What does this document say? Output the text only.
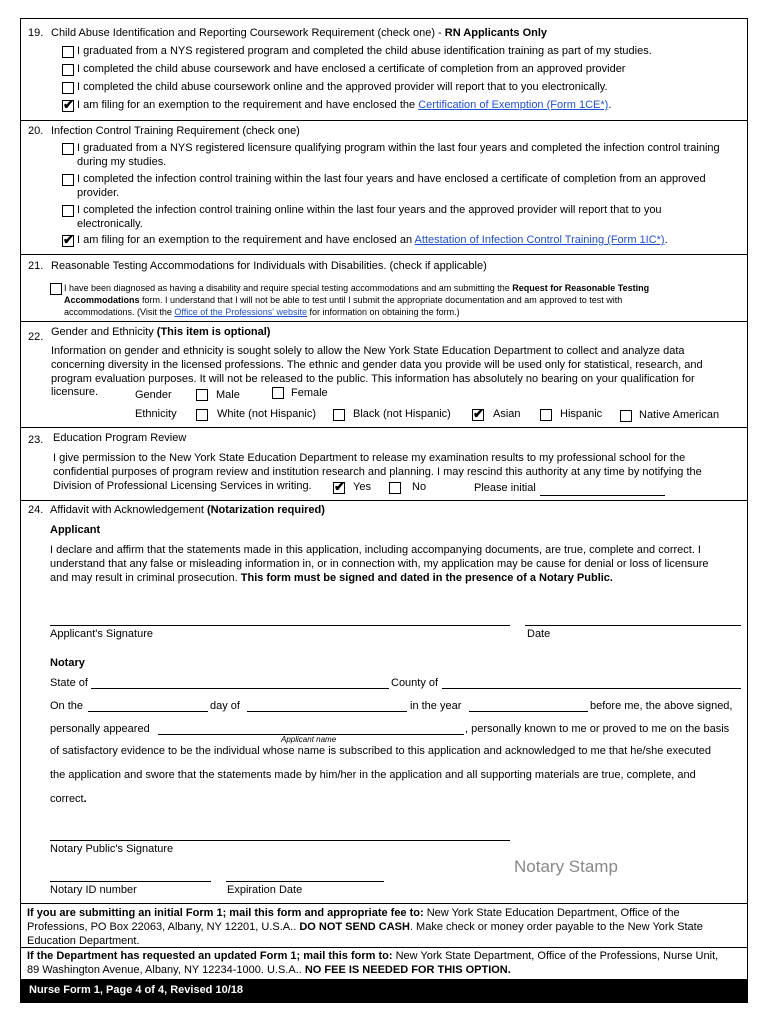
19. Child Abuse Identification and Reporting Coursework Requirement (check one) - RN Applicants Only
I graduated from a NYS registered program and completed the child abuse identification training as part of my studies.
I completed the child abuse coursework and have enclosed a certificate of completion from an approved provider
I completed the child abuse coursework online and the approved provider will report that to you electronically.
✔ I am filing for an exemption to the requirement and have enclosed the Certification of Exemption (Form 1CE*).
20. Infection Control Training Requirement (check one)
I graduated from a NYS registered licensure qualifying program within the last four years and completed the infection control training
during my studies.
I completed the infection control training within the last four years and have enclosed a certificate of completion from an approved
provider.
I completed the infection control training online within the last four years and the approved provider will report that to you
electronically.
✔ I am filing for an exemption to the requirement and have enclosed an Attestation of Infection Control Training (Form 1IC*).
21. Reasonable Testing Accommodations for Individuals with Disabilities. (check if applicable)
I have been diagnosed as having a disability and require special testing accommodations and am submitting the Request for Reasonable Testing
Accommodations form. I understand that I will not be able to test until I submit the appropriate documentation and am approved to test with
accommodations. (Visit the Office of the Professions' website for information on obtaining the form.)
22. Gender and Ethnicity (This item is optional)
Information on gender and ethnicity is sought solely to allow the New York State Education Department to collect and analyze data
concerning diversity in the licensed professions. The ethnic and gender data you provide will be used only for statistical, research, and
program evaluation purposes. It will not be released to the public. This information has absolutely no bearing on your qualification for
licensure.	Gender	Male	Female
Ethnicity	White (not Hispanic)	Black (not Hispanic) ✔ Asian	Hispanic	Native American
23. Education Program Review
I give permission to the New York State Education Department to release my examination results to my professional school for the
confidential purposes of program review and institution research and planning. I may rescind this authority at any time by notifying the
Division of Professional Licensing Services in writing. ✔ Yes	No	Please initial
24. Affidavit with Acknowledgement (Notarization required)
Applicant
I declare and affirm that the statements made in this application, including accompanying documents, are true, complete and correct. I
understand that any false or misleading information in, or in connection with, my application may be cause for denial or loss of licensure
and may result in criminal prosecution. This form must be signed and dated in the presence of a Notary Public.
Applicant's Signature	Date
Notary
State of	County of
On the	day of	in the year	before me, the above signed,
personally appeared	, personally known to me or proved to me on the basis
Applicant name
of satisfactory evidence to be the individual whose name is subscribed to this application and acknowledged to me that he/she executed
the application and swore that the statements made by him/her in the application and all supporting materials are true, complete, and
correct.
Notary Public's Signature
Notary Stamp
Notary ID number	Expiration Date
If you are submitting an initial Form 1; mail this form and appropriate fee to: New York State Education Department, Office of the
Professions, PO Box 22063, Albany, NY 12201, U.S.A.. DO NOT SEND CASH. Make check or money order payable to the New York State
Education Department.
If the Department has requested an updated Form 1; mail this form to: New York State Department, Office of the Professions, Nurse Unit,
89 Washington Avenue, Albany, NY 12234-1000. U.S.A.. NO FEE IS NEEDED FOR THIS OPTION.
Nurse Form 1, Page 4 of 4, Revised 10/18
